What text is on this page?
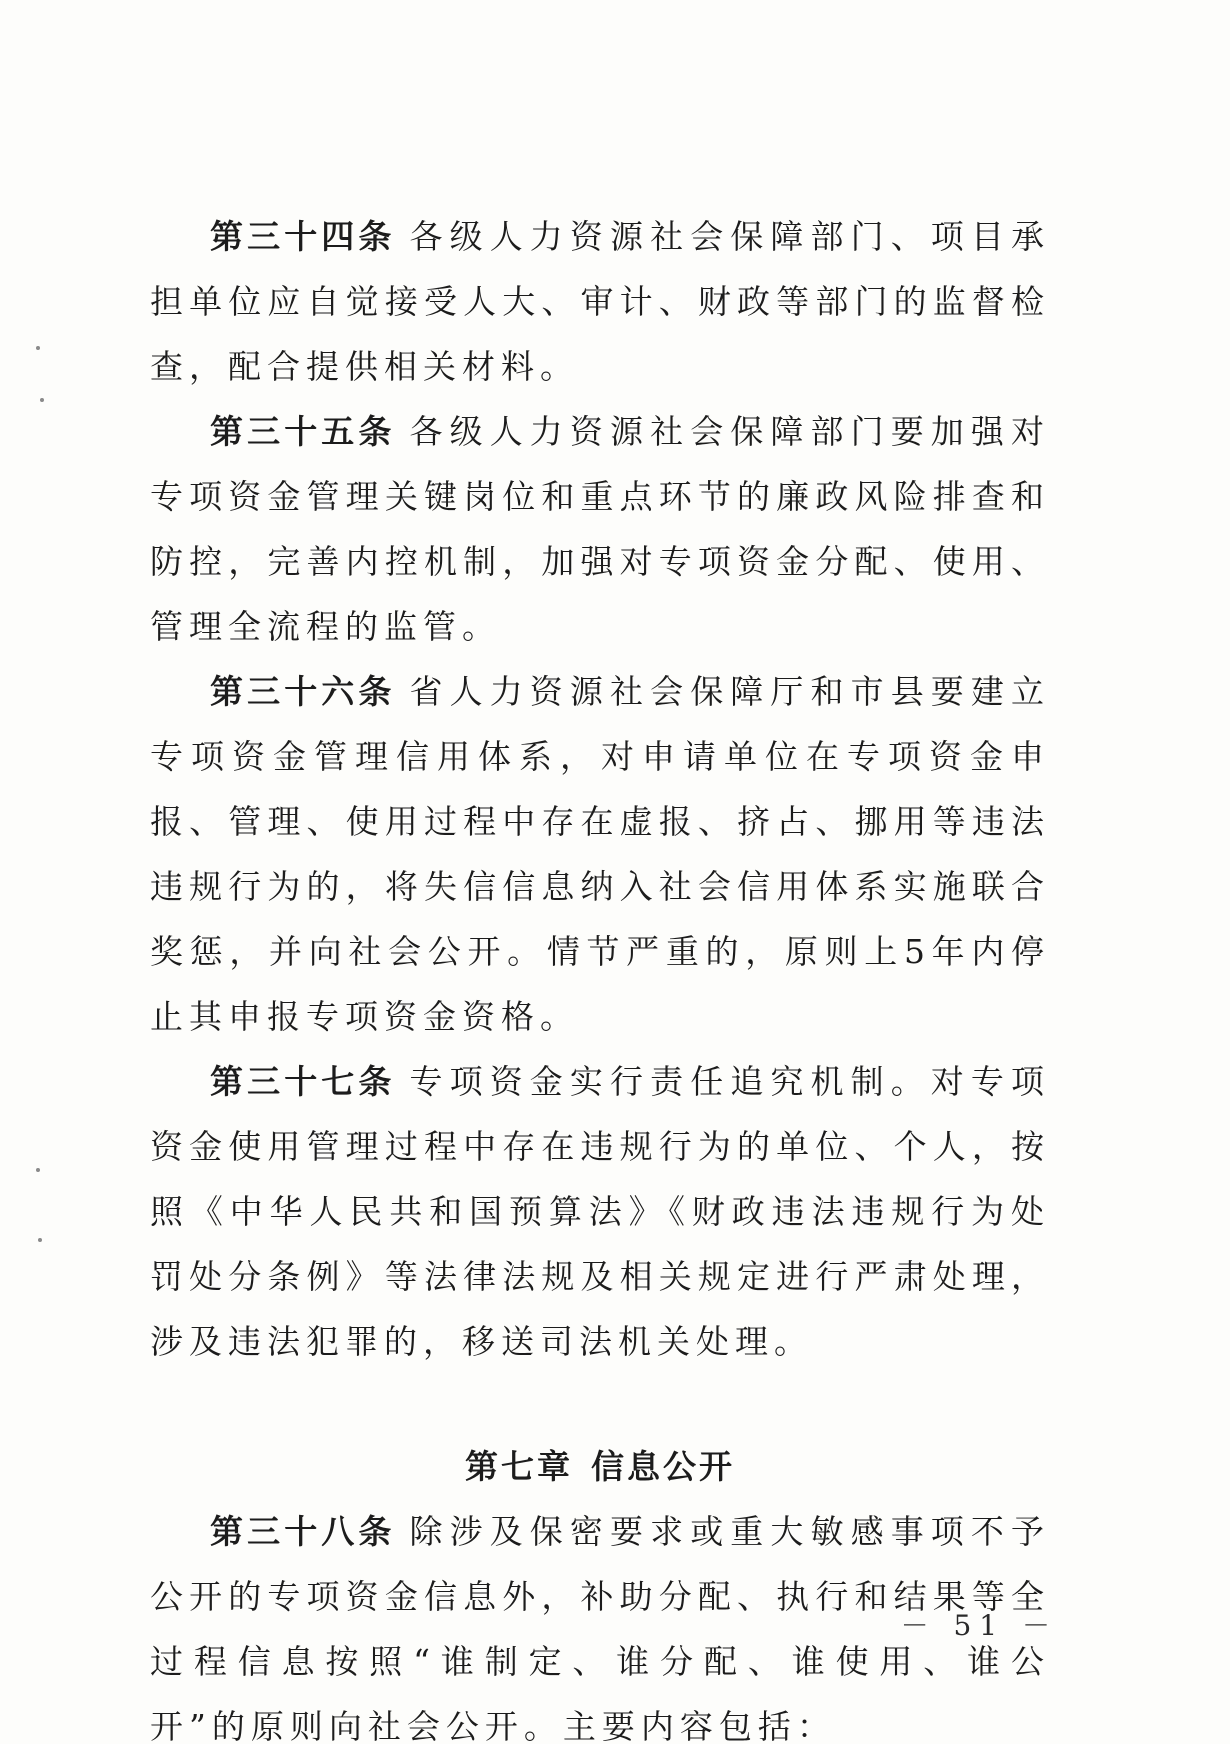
第三十四条 各级人力资源社会保障部门、项目承担单位应自觉接受人大、审计、财政等部门的监督检查，配合提供相关材料。

第三十五条 各级人力资源社会保障部门要加强对专项资金管理关键岗位和重点环节的廉政风险排查和防控，完善内控机制，加强对专项资金分配、使用、管理全流程的监管。

第三十六条 省人力资源社会保障厅和市县要建立专项资金管理信用体系，对申请单位在专项资金申报、管理、使用过程中存在虚报、挤占、挪用等违法违规行为的，将失信信息纳入社会信用体系实施联合奖惩，并向社会公开。情节严重的，原则上5年内停止其申报专项资金资格。

第三十七条 专项资金实行责任追究机制。对专项资金使用管理过程中存在违规行为的单位、个人，按照《中华人民共和国预算法》《财政违法违规行为处罚处分条例》等法律法规及相关规定进行严肃处理，涉及违法犯罪的，移送司法机关处理。

第七章 信息公开

第三十八条 除涉及保密要求或重大敏感事项不予公开的专项资金信息外，补助分配、执行和结果等全过程信息按照“谁制定、谁分配、谁使用、谁公开”的原则向社会公开。主要内容包括：

－ 51 －
